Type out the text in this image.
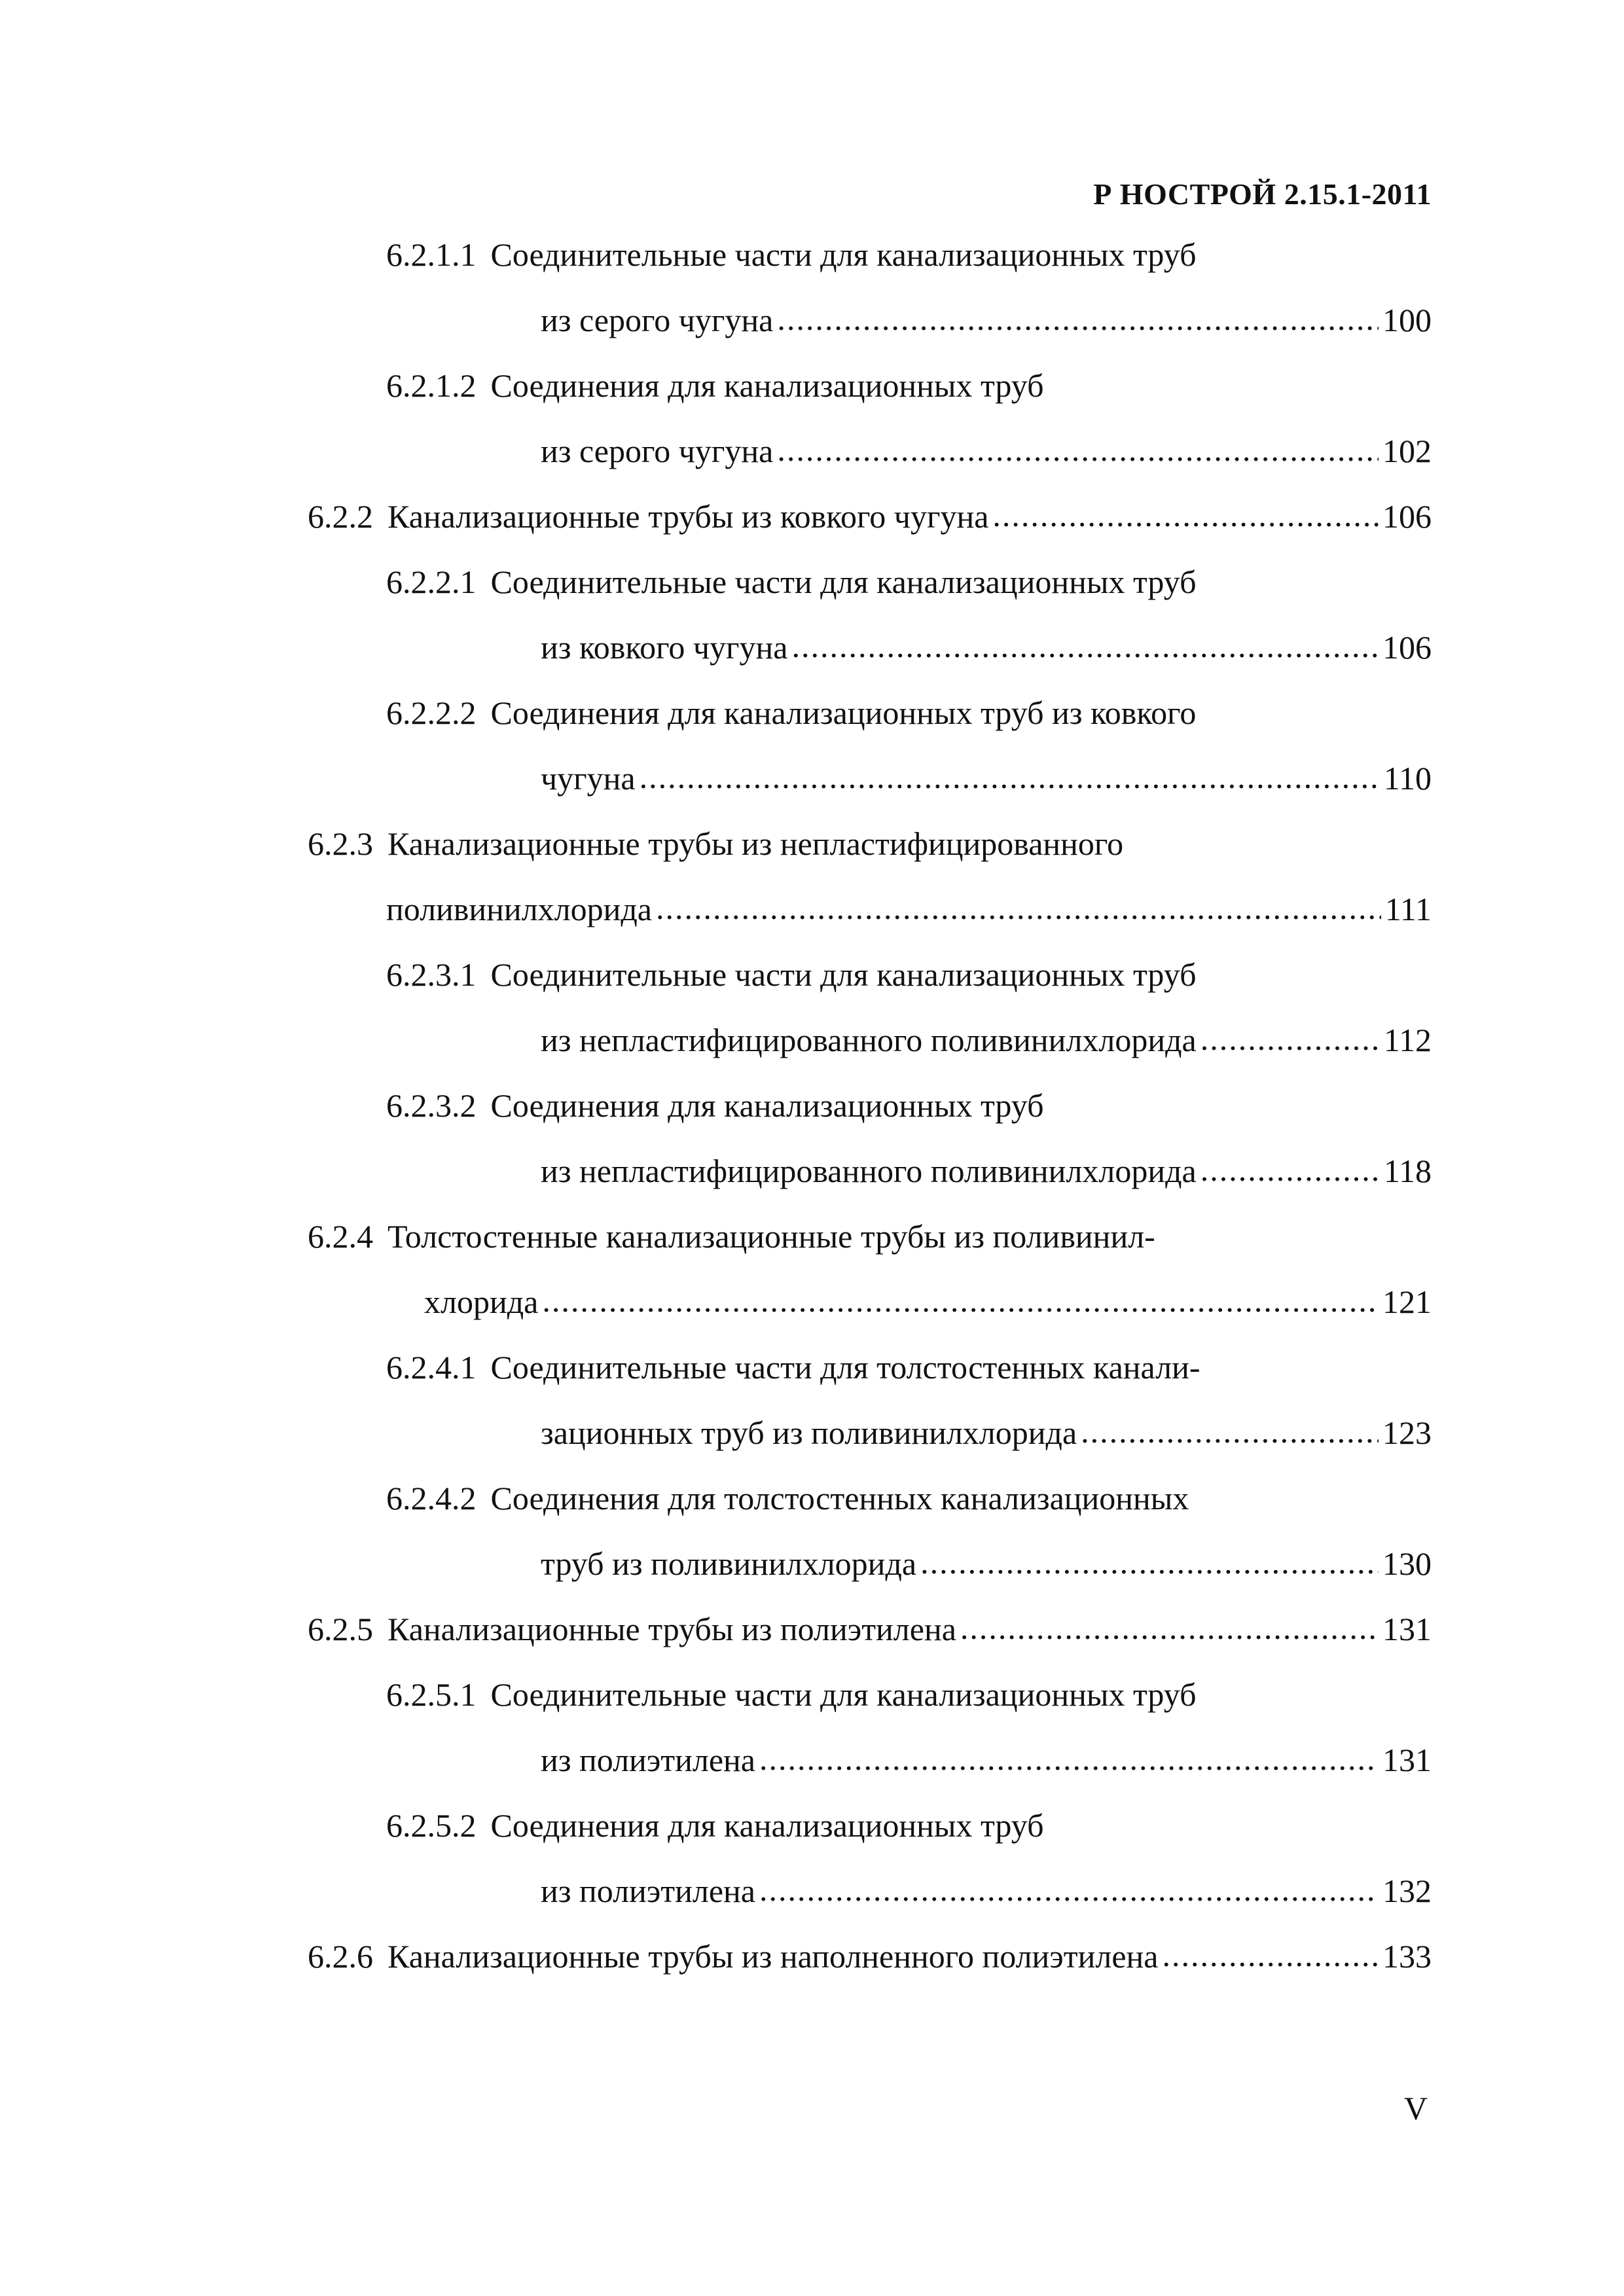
Р НОСТРОЙ 2.15.1-2011
6.2.1.1 Соединительные части для канализационных труб
из серого чугуна .....	100
6.2.1.2 Соединения для канализационных труб
из серого чугуна .....	102
6.2.2 Канализационные трубы из ковкого чугуна .....	106
6.2.2.1 Соединительные части для канализационных труб
из ковкого чугуна .....	106
6.2.2.2 Соединения для канализационных труб из ковкого
чугуна .....	110
6.2.3 Канализационные трубы из непластифицированного
поливинилхлорида .....	111
6.2.3.1 Соединительные части для канализационных труб
из непластифицированного поливинилхлорида .....	112
6.2.3.2 Соединения для канализационных труб
из непластифицированного поливинилхлорида .....	118
6.2.4 Толстостенные канализационные трубы из поливинил-
хлорида .....	121
6.2.4.1 Соединительные части для толстостенных канали-
зационных труб из поливинилхлорида .....	123
6.2.4.2 Соединения для толстостенных канализационных
труб из поливинилхлорида .....	130
6.2.5 Канализационные трубы из полиэтилена .....	131
6.2.5.1 Соединительные части для канализационных труб
из полиэтилена .....	131
6.2.5.2 Соединения для канализационных труб
из полиэтилена .....	132
6.2.6 Канализационные трубы из наполненного полиэтилена .....	133
V
